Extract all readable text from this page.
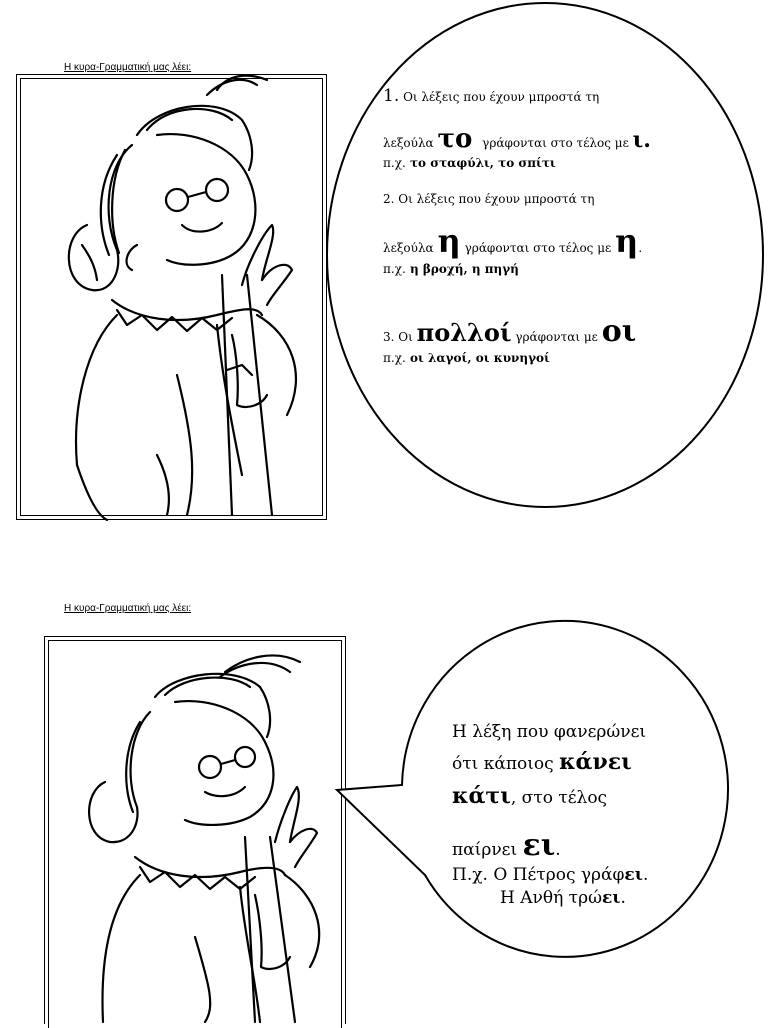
Η κυρα-Γραμματική μας λέει:

1. Οι λέξεις που έχουν μπροστά τη

λεξούλα το γράφονται στο τέλος με ι.

π.χ. το σταφύλι, το σπίτι

2. Οι λέξεις που έχουν μπροστά τη

λεξούλα η γράφονται στο τέλος με η.

π.χ. η βροχή, η πηγή

3. Οι πολλοί γράφονται με οι

π.χ. οι λαγοί, οι κυνηγοί

Η κυρα-Γραμματική μας λέει:

Η λέξη που φανερώνει

ότι κάποιος κάνει

κάτι, στο τέλος

παίρνει ει.

Π.χ. Ο Πέτρος γράφει.

Η Ανθή τρώει.
